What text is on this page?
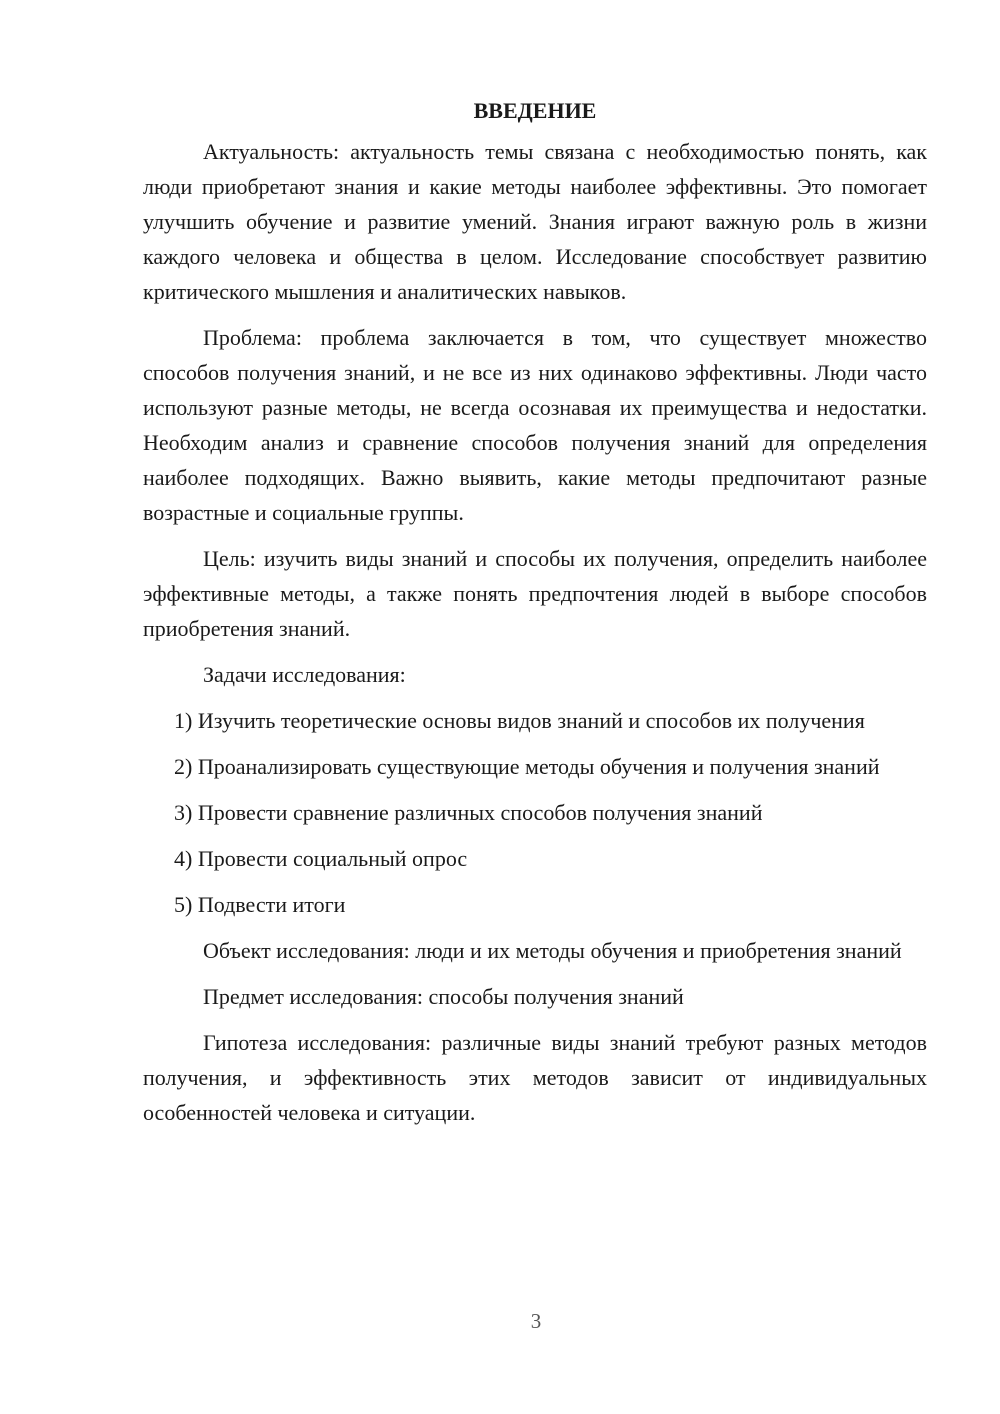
ВВЕДЕНИЕ

Актуальность: актуальность темы связана с необходимостью понять, как люди приобретают знания и какие методы наиболее эффективны. Это помогает улучшить обучение и развитие умений. Знания играют важную роль в жизни каждого человека и общества в целом. Исследование способствует развитию критического мышления и аналитических навыков.

Проблема: проблема заключается в том, что существует множество способов получения знаний, и не все из них одинаково эффективны. Люди часто используют разные методы, не всегда осознавая их преимущества и недостатки. Необходим анализ и сравнение способов получения знаний для определения наиболее подходящих. Важно выявить, какие методы предпочитают разные возрастные и социальные группы.

Цель: изучить виды знаний и способы их получения, определить наиболее эффективные методы, а также понять предпочтения людей в выборе способов приобретения знаний.

Задачи исследования:

1) Изучить теоретические основы видов знаний и способов их получения

2) Проанализировать существующие методы обучения и получения знаний

3) Провести сравнение различных способов получения знаний

4) Провести социальный опрос

5) Подвести итоги

Объект исследования: люди и их методы обучения и приобретения знаний

Предмет исследования: способы получения знаний

Гипотеза исследования: различные виды знаний требуют разных методов получения, и эффективность этих методов зависит от индивидуальных особенностей человека и ситуации.

3
